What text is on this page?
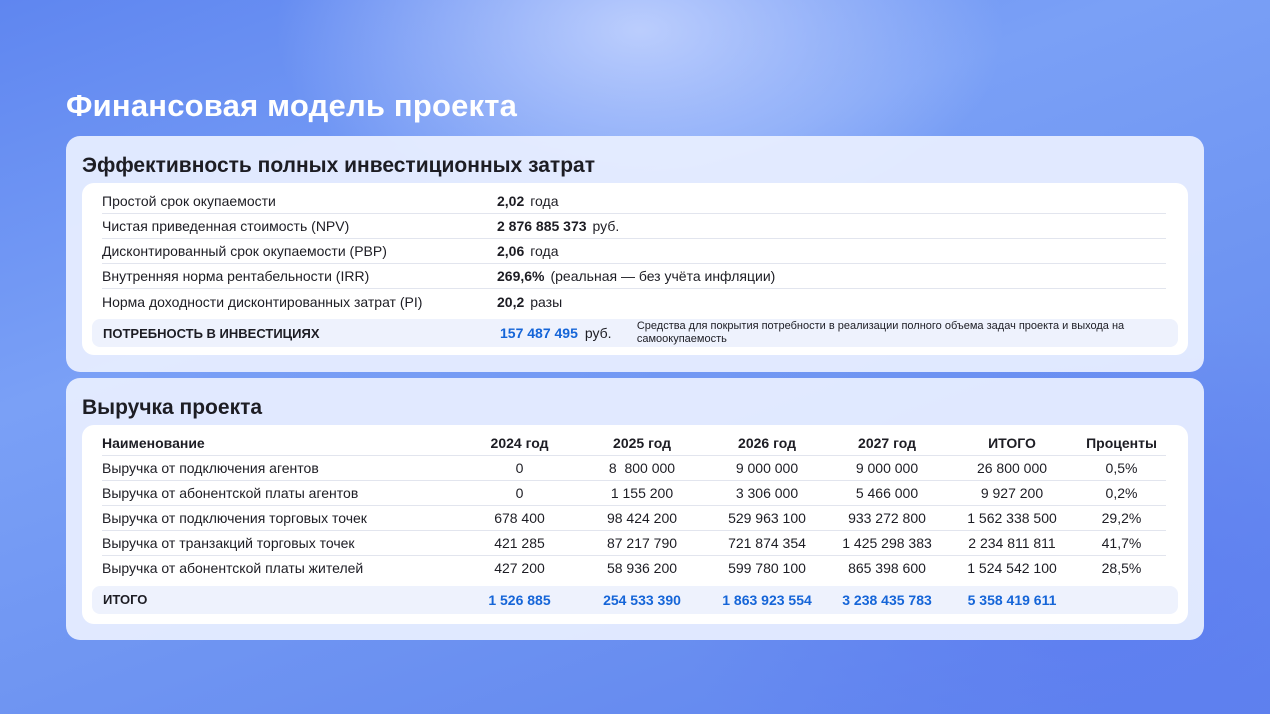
Финансовая модель проекта
Эффективность полных инвестиционных затрат
Простой срок окупаемости	2,02 года
Чистая приведенная стоимость (NPV)	2 876 885 373 руб.
Дисконтированный срок окупаемости (PBP)	2,06 года
Внутренняя норма рентабельности (IRR)	269,6% (реальная — без учёта инфляции)
Норма доходности дисконтированных затрат (PI)	20,2 разы
ПОТРЕБНОСТЬ В ИНВЕСТИЦИЯХ	157 487 495 руб.	Средства для покрытия потребности в реализации полного объема задач проекта и выхода на самоокупаемость
Выручка проекта
Наименование	2024 год	2025 год	2026 год	2027 год	ИТОГО	Проценты
Выручка от подключения агентов	0	8  800 000	9 000 000	9 000 000	26 800 000	0,5%
Выручка от абонентской платы агентов	0	1 155 200	3 306 000	5 466 000	9 927 200	0,2%
Выручка от подключения торговых точек	678 400	98 424 200	529 963 100	933 272 800	1 562 338 500	29,2%
Выручка от транзакций торговых точек	421 285	87 217 790	721 874 354	1 425 298 383	2 234 811 811	41,7%
Выручка от абонентской платы жителей	427 200	58 936 200	599 780 100	865 398 600	1 524 542 100	28,5%
ИТОГО	1 526 885	254 533 390	1 863 923 554	3 238 435 783	5 358 419 611
